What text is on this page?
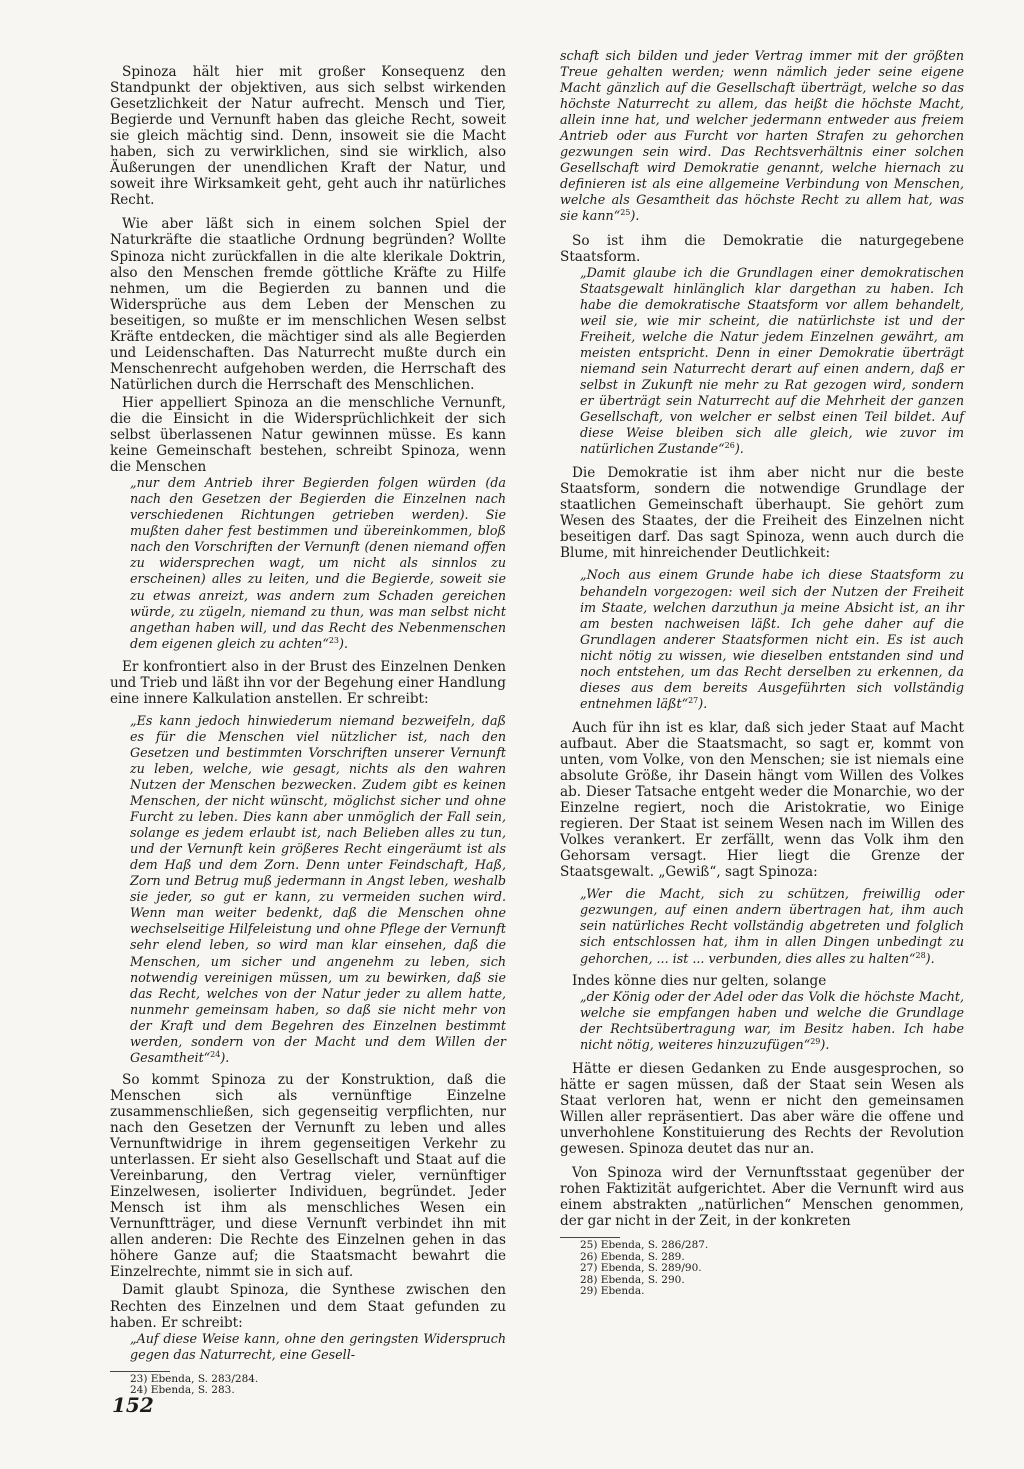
Spinoza hält hier mit großer Konsequenz den Standpunkt der objektiven, aus sich selbst wirkenden Gesetzlichkeit der Natur aufrecht. Mensch und Tier, Begierde und Vernunft haben das gleiche Recht, soweit sie gleich mächtig sind. Denn, insoweit sie die Macht haben, sich zu verwirklichen, sind sie wirklich, also Äußerungen der unendlichen Kraft der Natur, und soweit ihre Wirksamkeit geht, geht auch ihr natürliches Recht.

Wie aber läßt sich in einem solchen Spiel der Naturkräfte die staatliche Ordnung begründen? Wollte Spinoza nicht zurückfallen in die alte klerikale Doktrin, also den Menschen fremde göttliche Kräfte zu Hilfe nehmen, um die Begierden zu bannen und die Widersprüche aus dem Leben der Menschen zu beseitigen, so mußte er im menschlichen Wesen selbst Kräfte entdecken, die mächtiger sind als alle Begierden und Leidenschaften. Das Naturrecht mußte durch ein Menschenrecht aufgehoben werden, die Herrschaft des Natürlichen durch die Herrschaft des Menschlichen.

Hier appelliert Spinoza an die menschliche Vernunft, die die Einsicht in die Widersprüchlichkeit der sich selbst überlassenen Natur gewinnen müsse. Es kann keine Gemeinschaft bestehen, schreibt Spinoza, wenn die Menschen

„nur dem Antrieb ihrer Begierden folgen würden (da nach den Gesetzen der Begierden die Einzelnen nach verschiedenen Richtungen getrieben werden). Sie mußten daher fest bestimmen und übereinkommen, bloß nach den Vorschriften der Vernunft (denen niemand offen zu widersprechen wagt, um nicht als sinnlos zu erscheinen) alles zu leiten, und die Begierde, soweit sie zu etwas anreizt, was andern zum Schaden gereichen würde, zu zügeln, niemand zu thun, was man selbst nicht angethan haben will, und das Recht des Nebenmenschen dem eigenen gleich zu achten“$^{23}$).

Er konfrontiert also in der Brust des Einzelnen Denken und Trieb und läßt ihn vor der Begehung einer Handlung eine innere Kalkulation anstellen. Er schreibt:

„Es kann jedoch hinwiederum niemand bezweifeln, daß es für die Menschen viel nützlicher ist, nach den Gesetzen und bestimmten Vorschriften unserer Vernunft zu leben, welche, wie gesagt, nichts als den wahren Nutzen der Menschen bezwecken. Zudem gibt es keinen Menschen, der nicht wünscht, möglichst sicher und ohne Furcht zu leben. Dies kann aber unmöglich der Fall sein, solange es jedem erlaubt ist, nach Belieben alles zu tun, und der Vernunft kein größeres Recht eingeräumt ist als dem Haß und dem Zorn. Denn unter Feindschaft, Haß, Zorn und Betrug muß jedermann in Angst leben, weshalb sie jeder, so gut er kann, zu vermeiden suchen wird. Wenn man weiter bedenkt, daß die Menschen ohne wechselseitige Hilfeleistung und ohne Pflege der Vernunft sehr elend leben, so wird man klar einsehen, daß die Menschen, um sicher und angenehm zu leben, sich notwendig vereinigen müssen, um zu bewirken, daß sie das Recht, welches von der Natur jeder zu allem hatte, nunmehr gemeinsam haben, so daß sie nicht mehr von der Kraft und dem Begehren des Einzelnen bestimmt werden, sondern von der Macht und dem Willen der Gesamtheit“$^{24}$).

So kommt Spinoza zu der Konstruktion, daß die Menschen sich als vernünftige Einzelne zusammenschließen, sich gegenseitig verpflichten, nur nach den Gesetzen der Vernunft zu leben und alles Vernunftwidrige in ihrem gegenseitigen Verkehr zu unterlassen. Er sieht also Gesellschaft und Staat auf die Vereinbarung, den Vertrag vieler, vernünftiger Einzelwesen, isolierter Individuen, begründet. Jeder Mensch ist ihm als menschliches Wesen ein Vernunftträger, und diese Vernunft verbindet ihn mit allen anderen: Die Rechte des Einzelnen gehen in das höhere Ganze auf; die Staatsmacht bewahrt die Einzelrechte, nimmt sie in sich auf.

Damit glaubt Spinoza, die Synthese zwischen den Rechten des Einzelnen und dem Staat gefunden zu haben. Er schreibt:

„Auf diese Weise kann, ohne den geringsten Widerspruch gegen das Naturrecht, eine Gesell-

23) Ebenda, S. 283/284.

24) Ebenda, S. 283.

schaft sich bilden und jeder Vertrag immer mit der größten Treue gehalten werden; wenn nämlich jeder seine eigene Macht gänzlich auf die Gesellschaft überträgt, welche so das höchste Naturrecht zu allem, das heißt die höchste Macht, allein inne hat, und welcher jedermann entweder aus freiem Antrieb oder aus Furcht vor harten Strafen zu gehorchen gezwungen sein wird. Das Rechtsverhältnis einer solchen Gesellschaft wird Demokratie genannt, welche hiernach zu definieren ist als eine allgemeine Verbindung von Menschen, welche als Gesamtheit das höchste Recht zu allem hat, was sie kann“$^{25}$).

So ist ihm die Demokratie die naturgegebene Staatsform.

„Damit glaube ich die Grundlagen einer demokratischen Staatsgewalt hinlänglich klar dargethan zu haben. Ich habe die demokratische Staatsform vor allem behandelt, weil sie, wie mir scheint, die natürlichste ist und der Freiheit, welche die Natur jedem Einzelnen gewährt, am meisten entspricht. Denn in einer Demokratie überträgt niemand sein Naturrecht derart auf einen andern, daß er selbst in Zukunft nie mehr zu Rat gezogen wird, sondern er überträgt sein Naturrecht auf die Mehrheit der ganzen Gesellschaft, von welcher er selbst einen Teil bildet. Auf diese Weise bleiben sich alle gleich, wie zuvor im natürlichen Zustande“$^{26}$).

Die Demokratie ist ihm aber nicht nur die beste Staatsform, sondern die notwendige Grundlage der staatlichen Gemeinschaft überhaupt. Sie gehört zum Wesen des Staates, der die Freiheit des Einzelnen nicht beseitigen darf. Das sagt Spinoza, wenn auch durch die Blume, mit hinreichender Deutlichkeit:

„Noch aus einem Grunde habe ich diese Staatsform zu behandeln vorgezogen: weil sich der Nutzen der Freiheit im Staate, welchen darzuthun ja meine Absicht ist, an ihr am besten nachweisen läßt. Ich gehe daher auf die Grundlagen anderer Staatsformen nicht ein. Es ist auch nicht nötig zu wissen, wie dieselben entstanden sind und noch entstehen, um das Recht derselben zu erkennen, da dieses aus dem bereits Ausgeführten sich vollständig entnehmen läßt“$^{27}$).

Auch für ihn ist es klar, daß sich jeder Staat auf Macht aufbaut. Aber die Staatsmacht, so sagt er, kommt von unten, vom Volke, von den Menschen; sie ist niemals eine absolute Größe, ihr Dasein hängt vom Willen des Volkes ab. Dieser Tatsache entgeht weder die Monarchie, wo der Einzelne regiert, noch die Aristokratie, wo Einige regieren. Der Staat ist seinem Wesen nach im Willen des Volkes verankert. Er zerfällt, wenn das Volk ihm den Gehorsam versagt. Hier liegt die Grenze der Staatsgewalt. „Gewiß“, sagt Spinoza:

„Wer die Macht, sich zu schützen, freiwillig oder gezwungen, auf einen andern übertragen hat, ihm auch sein natürliches Recht vollständig abgetreten und folglich sich entschlossen hat, ihm in allen Dingen unbedingt zu gehorchen, ... ist ... verbunden, dies alles zu halten“$^{28}$).

Indes könne dies nur gelten, solange

„der König oder der Adel oder das Volk die höchste Macht, welche sie empfangen haben und welche die Grundlage der Rechtsübertragung war, im Besitz haben. Ich habe nicht nötig, weiteres hinzuzufügen“$^{29}$).

Hätte er diesen Gedanken zu Ende ausgesprochen, so hätte er sagen müssen, daß der Staat sein Wesen als Staat verloren hat, wenn er nicht den gemeinsamen Willen aller repräsentiert. Das aber wäre die offene und unverhohlene Konstituierung des Rechts der Revolution gewesen. Spinoza deutet das nur an.

Von Spinoza wird der Vernunftsstaat gegenüber der rohen Faktizität aufgerichtet. Aber die Vernunft wird aus einem abstrakten „natürlichen“ Menschen genommen, der gar nicht in der Zeit, in der konkreten

25) Ebenda, S. 286/287.

26) Ebenda, S. 289.

27) Ebenda, S. 289/90.

28) Ebenda, S. 290.

29) Ebenda.

152
